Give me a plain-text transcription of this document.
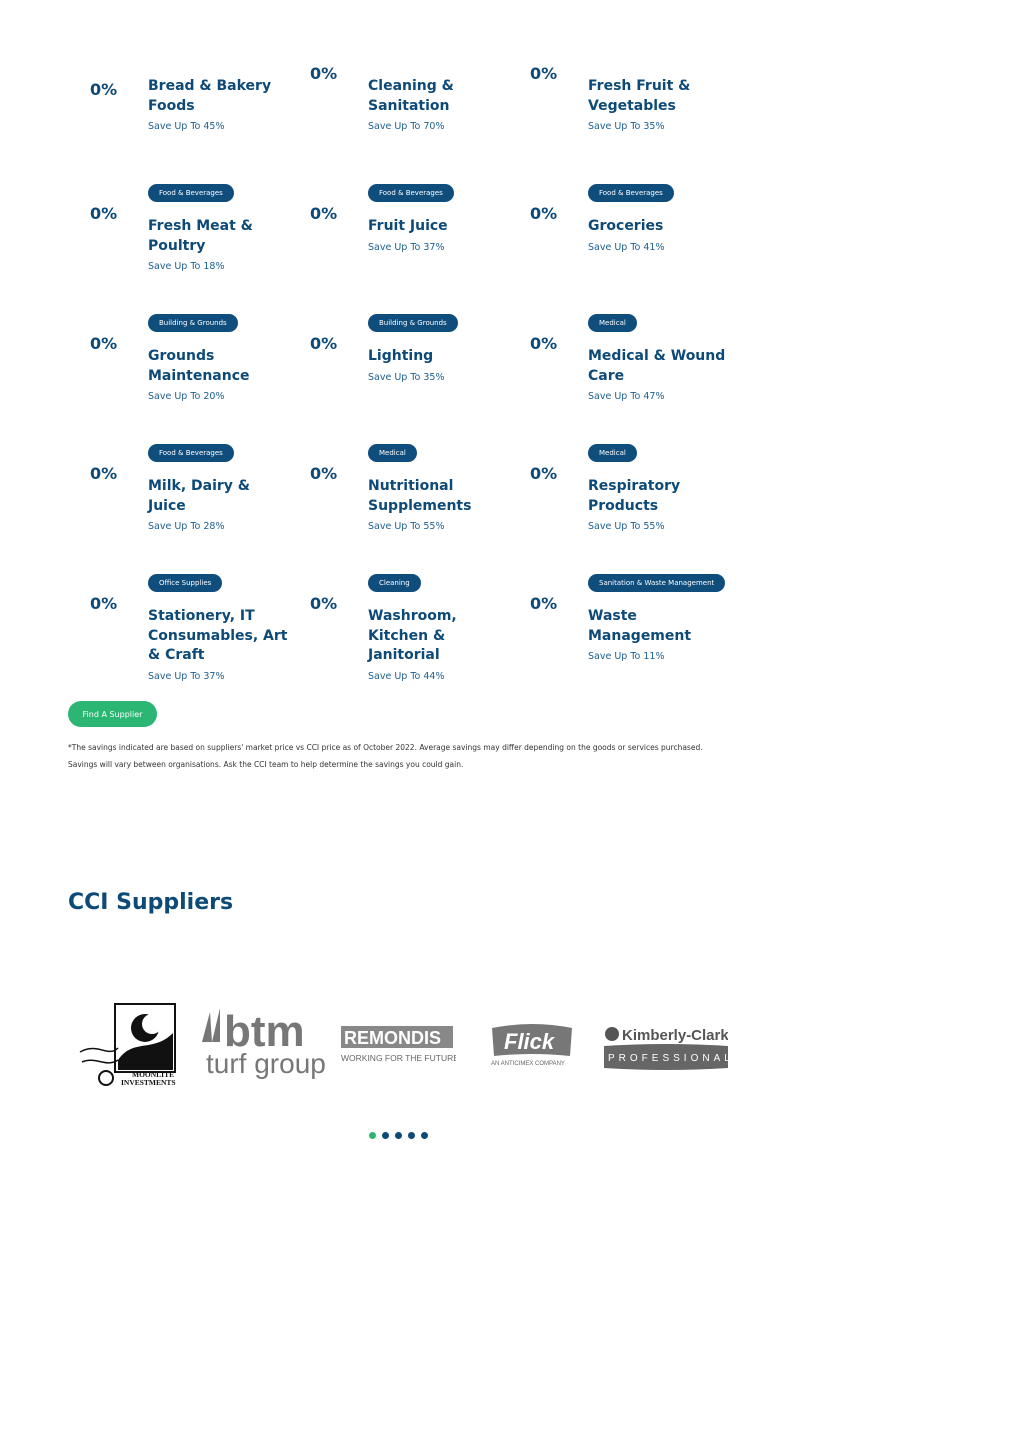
0% Bread & Bakery Foods
Save Up To 45%
0%
Cleaning & Sanitation
Save Up To 70%
0%
Fresh Fruit & Vegetables
Save Up To 35%
Food & Beverages
0%
Fresh Meat & Poultry
Save Up To 18%
Food & Beverages
0%
Fruit Juice
Save Up To 37%
Food & Beverages
0%
Groceries
Save Up To 41%
Building & Grounds
0%
Grounds Maintenance
Save Up To 20%
Building & Grounds
0%
Lighting
Save Up To 35%
Medical
0%
Medical & Wound Care
Save Up To 47%
Food & Beverages
0%
Milk, Dairy & Juice
Save Up To 28%
Medical
0%
Nutritional Supplements
Save Up To 55%
Medical
0%
Respiratory Products
Save Up To 55%
Office Supplies
0%
Stationery, IT Consumables, Art & Craft
Save Up To 37%
Cleaning
0%
Washroom, Kitchen & Janitorial
Save Up To 44%
Sanitation & Waste Management
0%
Waste Management
Save Up To 11%
Find A Supplier
*The savings indicated are based on suppliers' market price vs CCI price as of October 2022. Average savings may differ depending on the goods or services purchased. Savings will vary between organisations. Ask the CCI team to help determine the savings you could gain.
CCI Suppliers
MOONLITE
INVESTMENTS
btm
turf group
REMONDIS
WORKING FOR THE FUTURE
Flick
AN ANTICIMEX COMPANY
Kimberly-Clark
PROFESSIONAL
